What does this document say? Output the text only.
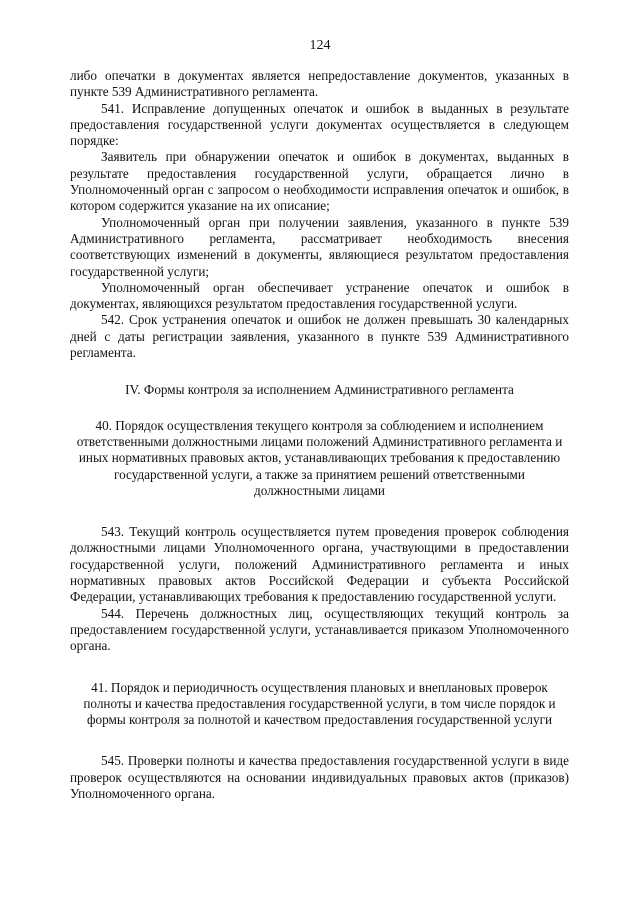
124

либо опечатки в документах является непредоставление документов, указанных в пункте 539 Административного регламента.

541. Исправление допущенных опечаток и ошибок в выданных в результате предоставления государственной услуги документах осуществляется в следующем порядке:

Заявитель при обнаружении опечаток и ошибок в документах, выданных в результате предоставления государственной услуги, обращается лично в Уполномоченный орган с запросом о необходимости исправления опечаток и ошибок, в котором содержится указание на их описание;

Уполномоченный орган при получении заявления, указанного в пункте 539 Административного регламента, рассматривает необходимость внесения соответствующих изменений в документы, являющиеся результатом предоставления государственной услуги;

Уполномоченный орган обеспечивает устранение опечаток и ошибок в документах, являющихся результатом предоставления государственной услуги.

542. Срок устранения опечаток и ошибок не должен превышать 30 календарных дней с даты регистрации заявления, указанного в пункте 539 Административного регламента.

IV. Формы контроля за исполнением Административного регламента
40. Порядок осуществления текущего контроля за соблюдением и исполнением ответственными должностными лицами положений Административного регламента и иных нормативных правовых актов, устанавливающих требования к предоставлению государственной услуги, а также за принятием решений ответственными должностными лицами

543. Текущий контроль осуществляется путем проведения проверок соблюдения должностными лицами Уполномоченного органа, участвующими в предоставлении государственной услуги, положений Административного регламента и иных нормативных правовых актов Российской Федерации и субъекта Российской Федерации, устанавливающих требования к предоставлению государственной услуги.

544. Перечень должностных лиц, осуществляющих текущий контроль за предоставлением государственной услуги, устанавливается приказом Уполномоченного органа.

41. Порядок и периодичность осуществления плановых и внеплановых проверок полноты и качества предоставления государственной услуги, в том числе порядок и формы контроля за полнотой и качеством предоставления государственной услуги

545. Проверки полноты и качества предоставления государственной услуги в виде проверок осуществляются на основании индивидуальных правовых актов (приказов) Уполномоченного органа.
